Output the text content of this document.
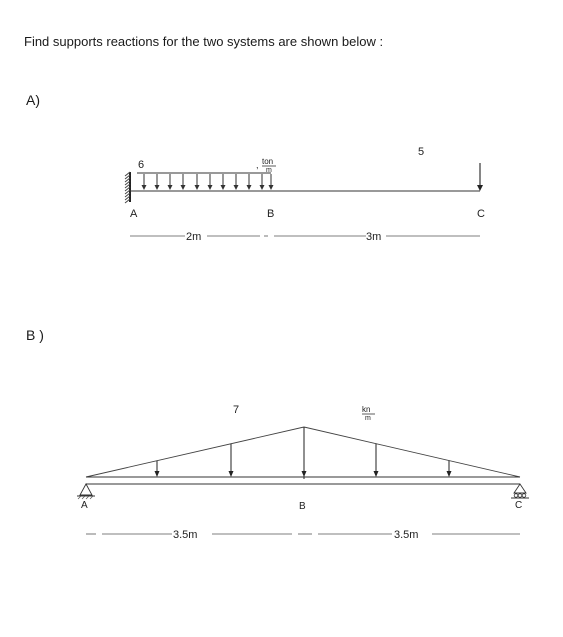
Find supports reactions for the two systems are shown below :
A)
B )
6	, ton
m
5
A	B	C
2m	3m
7	kn
m
A	B	C
3.5m	3.5m
